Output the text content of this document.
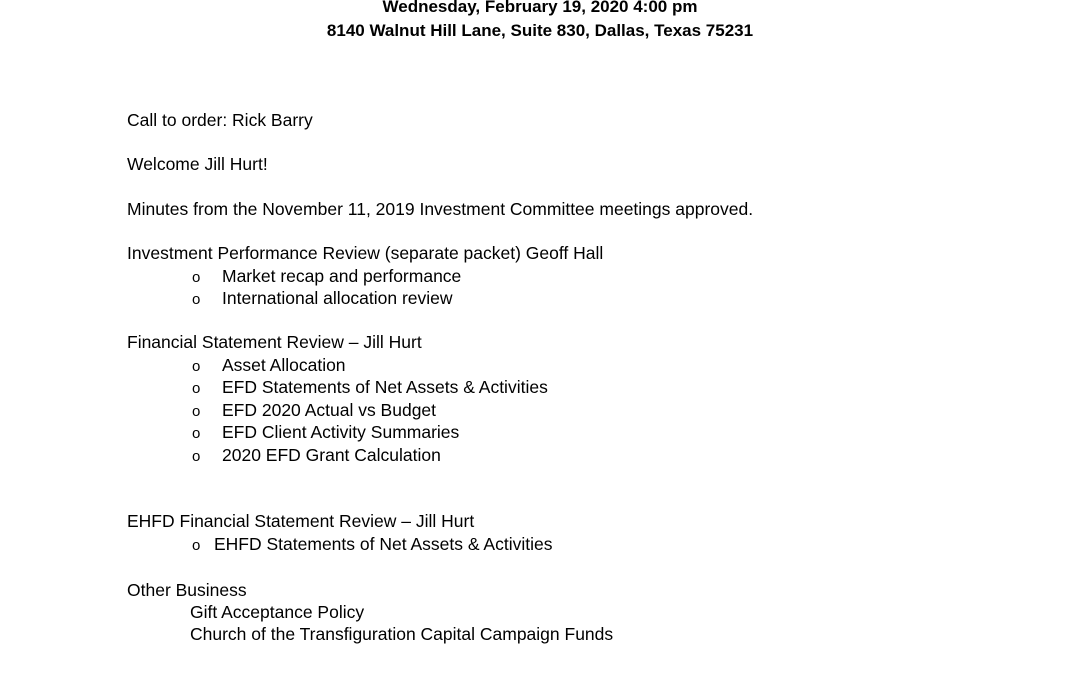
Wednesday, February 19, 2020 4:00 pm
8140 Walnut Hill Lane, Suite 830, Dallas, Texas 75231
Call to order: Rick Barry
Welcome Jill Hurt!
Minutes from the November 11, 2019 Investment Committee meetings approved.
Investment Performance Review (separate packet) Geoff Hall
o Market recap and performance
o International allocation review
Financial Statement Review – Jill Hurt
o Asset Allocation
o EFD Statements of Net Assets & Activities
o EFD 2020 Actual vs Budget
o EFD Client Activity Summaries
o 2020 EFD Grant Calculation
EHFD Financial Statement Review – Jill Hurt
o EHFD Statements of Net Assets & Activities
Other Business
Gift Acceptance Policy
Church of the Transfiguration Capital Campaign Funds
